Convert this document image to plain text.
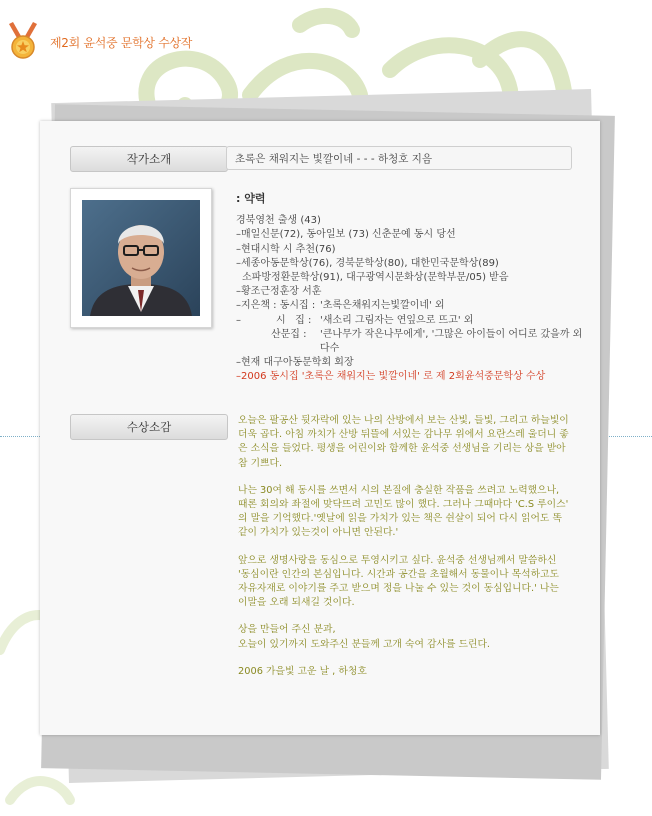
제2회 윤석중 문학상 수상작
작가소개	초록은 채워지는 빛깔이네 - - - 하청호 지음
: 약력
경북영천 출생 (43)
–매일신문(72), 동아일보 (73) 신춘문예 동시 당선
–현대시학 시 추천(76)
–세종아동문학상(76), 경북문학상(80), 대한민국문학상(89)
소파방정환문학상(91), 대구광역시문화상(문학부문/05) 받음
–황조근정훈장 서훈
–지은책 : 동시집 : '초록은채워지는빛깔이네' 외
–           시   집 : '새소리 그림자는 연잎으로 뜨고' 외
산문집 :	'큰나무가 작은나무에게', '그많은 아이들이 어디로 갔을까 외 다수
–현재 대구아동문학회 회장
–2006 동시집 '초록은 채워지는 빛깔이네' 로 제 2회윤석중문학상 수상
수상소감	오늘은 팔공산 뒷자락에 있는 나의 산방에서 보는 산빛, 들빛, 그리고 하늘빛이 더욱 곱다. 아침 까치가 산방 뒤뜰에 서있는 감나무 위에서 요란스레 울더니 좋은 소식을 들었다. 평생을 어린이와 함께한 윤석중 선생님을 기리는 상을 받아 참 기쁘다.

나는 30여 해 동시를 쓰면서 시의 본질에 충실한 작품을 쓰려고 노력했으나, 때론 회의와 좌절에 맞닥뜨려 고민도 많이 했다. 그러나 그때마다 'C.S 루이스' 의 말을 기억했다.'옛날에 읽을 가치가 있는 책은 쉰살이 되어 다시 읽어도 똑같이 가치가 있는것이 아니면 안된다.'

앞으로 생명사랑을 동심으로 투영시키고 싶다. 윤석중 선생님께서 말씀하신 '동심이란 인간의 본심입니다. 시간과 공간을 초월해서 동물이나 목석하고도 자유자재로 이야기를 주고 받으며 정을 나눌 수 있는 것이 동심입니다.' 나는 이말을 오래 되새길 것이다.

상을 만들어 주신 분과,
오늘이 있기까지 도와주신 분들께 고개 숙여 감사를 드린다.

2006 가을빛 고운 날 , 하청호
